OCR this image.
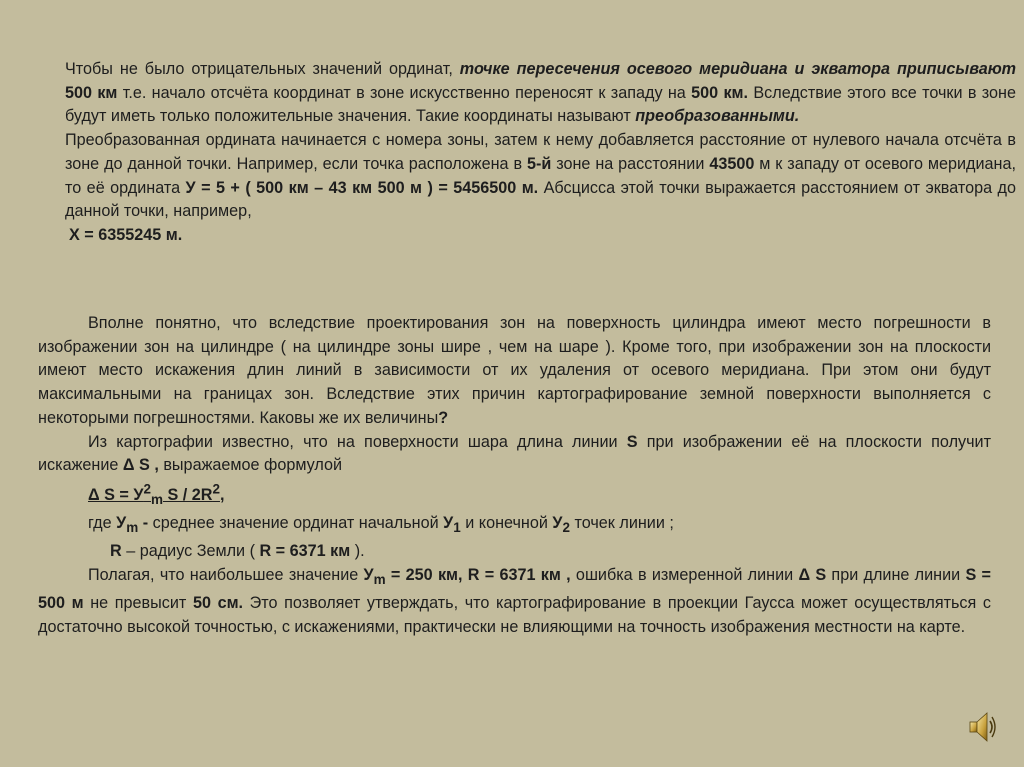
Чтобы не было отрицательных значений ординат, точке пересечения осевого меридиана и экватора приписывают 500 км т.е. начало отсчёта координат в зоне искусственно переносят к западу на 500 км. Вследствие этого все точки в зоне будут иметь только положительные значения. Такие координаты называют преобразованными.

Преобразованная ордината начинается с номера зоны, затем к нему добавляется расстояние от нулевого начала отсчёта в зоне до данной точки. Например, если точка расположена в 5-й зоне на расстоянии 43500 м к западу от осевого меридиана, то её ордината У = 5 + ( 500 км – 43 км 500 м ) = 5456500 м. Абсцисса этой точки выражается расстоянием от экватора до данной точки, например,

Х = 6355245 м.

Вполне понятно, что вследствие проектирования зон на поверхность цилиндра имеют место погрешности в изображении зон на цилиндре ( на цилиндре зоны шире , чем на шаре ). Кроме того, при изображении зон на плоскости имеют место искажения длин линий в зависимости от их удаления от осевого меридиана. При этом они будут максимальными на границах зон. Вследствие этих причин картографирование земной поверхности выполняется с некоторыми погрешностями. Каковы же их величины?

Из картографии известно, что на поверхности шара длина линии S при изображении её на плоскости получит искажение Δ S , выражаемое формулой

Δ $S = У^2_m$ S / $2R^2$,

где $У_m$ - среднее значение ординат начальной $У_1$ и конечной $У_2$ точек линии ;

R – радиус Земли ( R = 6371 км ).

Полагая, что наибольшее значение $У_m = 250$ км, R = 6371 км , ошибка в измеренной линии Δ S при длине линии S = 500 м не превысит 50 см. Это позволяет утверждать, что картографирование в проекции Гаусса может осуществляться с достаточно высокой точностью, с искажениями, практически не влияющими на точность изображения местности на карте.
